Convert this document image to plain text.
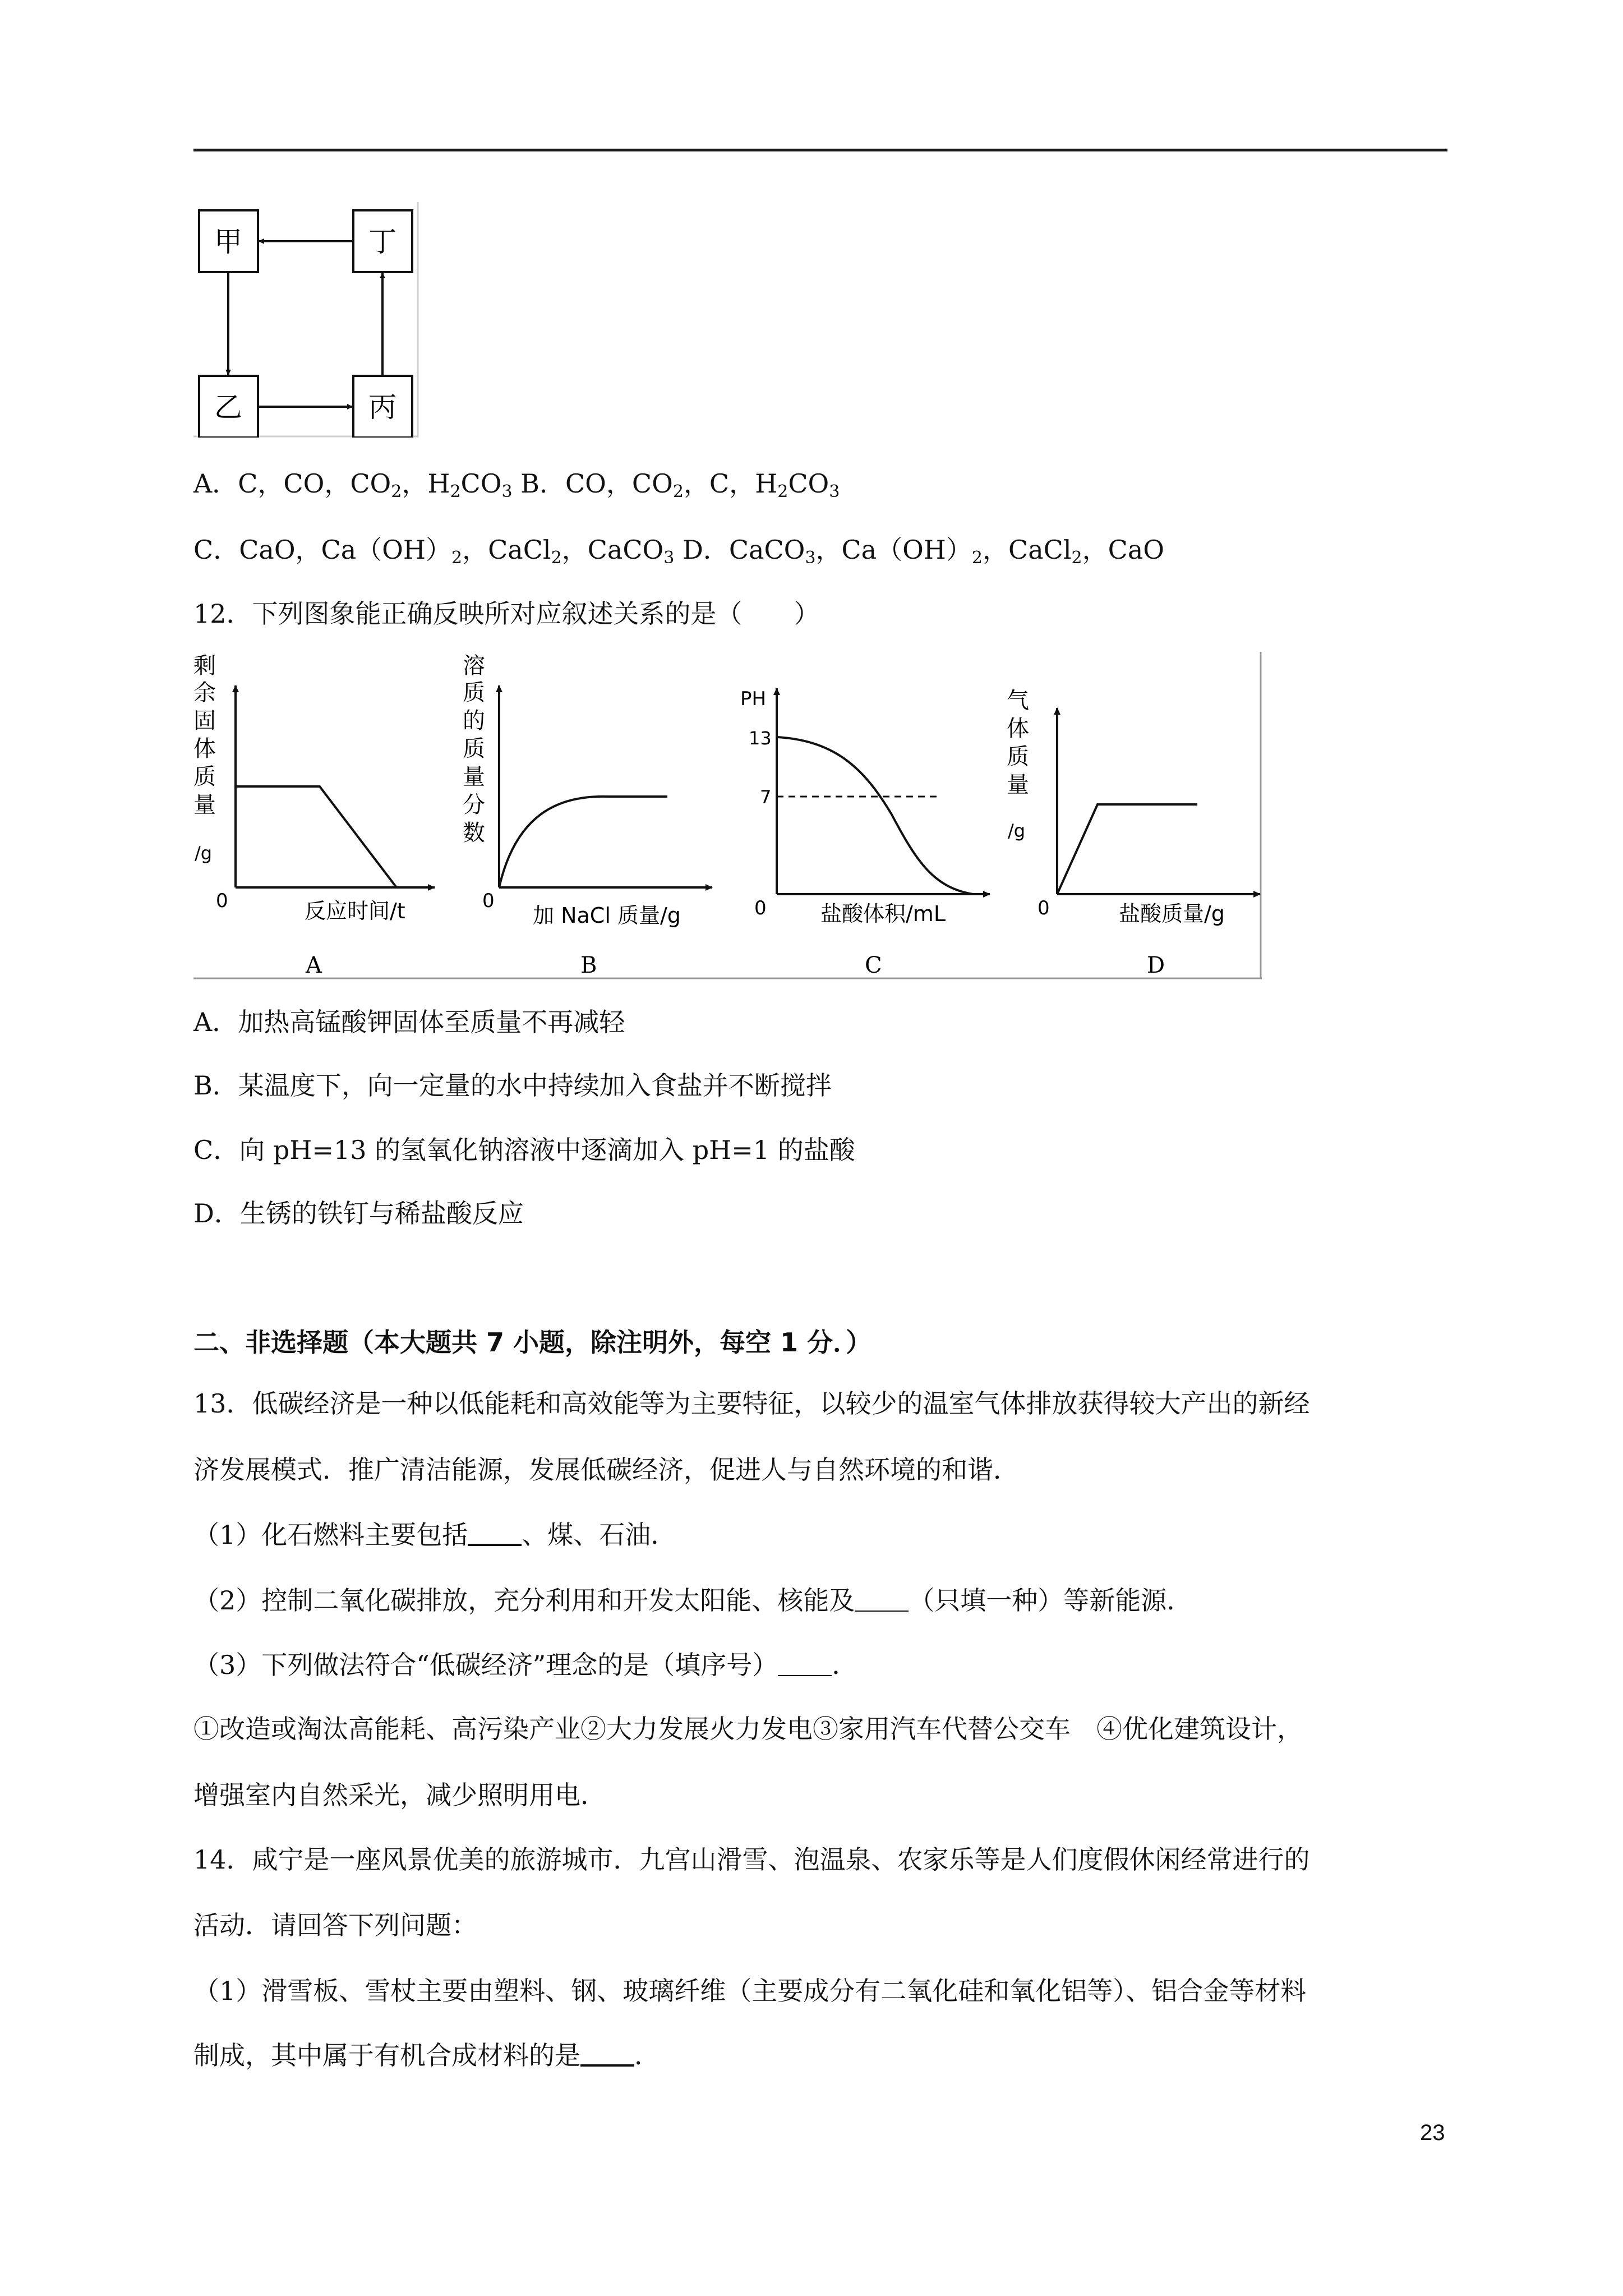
甲	丁
乙	丙
A．C，CO，$CO_2$，$H_2CO_3$ B．CO，$CO_2$，C，$H_2CO_3$
C．CaO，$Ca(OH)_2$，CaCl$_2$，CaCO$_3$ D．CaCO$_3$，$Ca(OH)_2$，CaCl$_2$，CaO
12．下列图象能正确反映所对应叙述关系的是（　　）
剩
余
固
体
质
量
/g
0	反应时间/t
A
溶
质
的
质
量
分
数
0
加 NaCl 质量/g
B
PH
13
7
0	盐酸体积/mL
C
气
体
质
量
/g
0	盐酸质量/g
D
A．加热高锰酸钾固体至质量不再减轻
B．某温度下，向一定量的水中持续加入食盐并不断搅拌
C．向 pH=13 的氢氧化钠溶液中逐滴加入 pH=1 的盐酸
D．生锈的铁钉与稀盐酸反应
二、非选择题（本大题共 7 小题，除注明外，每空 1 分．）
13．低碳经济是一种以低能耗和高效能等为主要特征，以较少的温室气体排放获得较大产出的新经
济发展模式．推广清洁能源，发展低碳经济，促进人与自然环境的和谐．
（1）化石燃料主要包括 、煤、石油．
（2）控制二氧化碳排放，充分利用和开发太阳能、核能及 （只填一种）等新能源．
（3）下列做法符合“低碳经济”理念的是（填序号） ．
①改造或淘汰高能耗、高污染产业②大力发展火力发电③家用汽车代替公交车　④优化建筑设计，
增强室内自然采光，减少照明用电．
14．咸宁是一座风景优美的旅游城市．九宫山滑雪、泡温泉、农家乐等是人们度假休闲经常进行的
活动．请回答下列问题：
（1）滑雪板、雪杖主要由塑料、钢、玻璃纤维（主要成分有二氧化硅和氧化铝等）、铝合金等材料
制成，其中属于有机合成材料的是 ．
23
